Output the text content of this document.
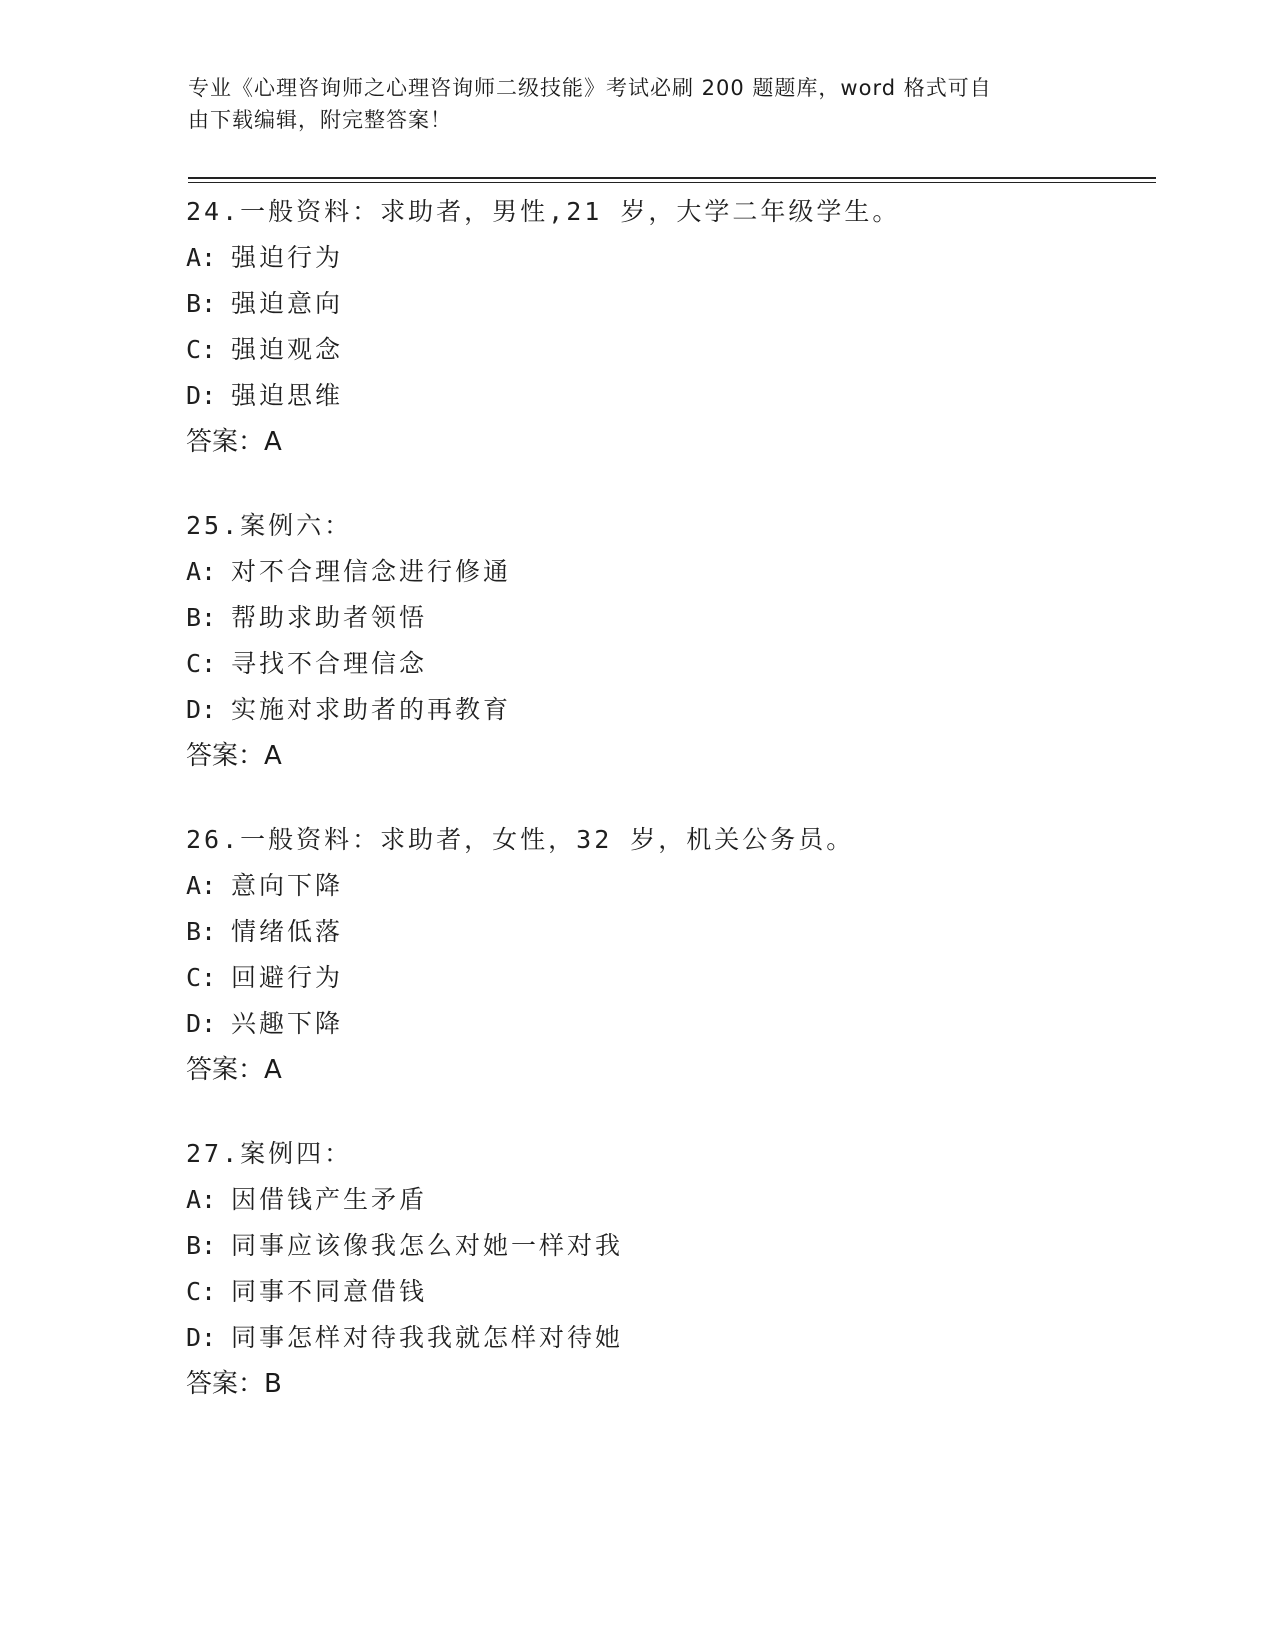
专业《心理咨询师之心理咨询师二级技能》考试必刷 200 题题库，word 格式可自
由下载编辑，附完整答案！
24.一般资料：求助者，男性,21 岁，大学二年级学生。
A: 强迫行为
B: 强迫意向
C: 强迫观念
D: 强迫思维
答案：A
25.案例六：
A: 对不合理信念进行修通
B: 帮助求助者领悟
C: 寻找不合理信念
D: 实施对求助者的再教育
答案：A
26.一般资料：求助者，女性，32 岁，机关公务员。
A: 意向下降
B: 情绪低落
C: 回避行为
D: 兴趣下降
答案：A
27.案例四：
A: 因借钱产生矛盾
B: 同事应该像我怎么对她一样对我
C: 同事不同意借钱
D: 同事怎样对待我我就怎样对待她
答案：B
